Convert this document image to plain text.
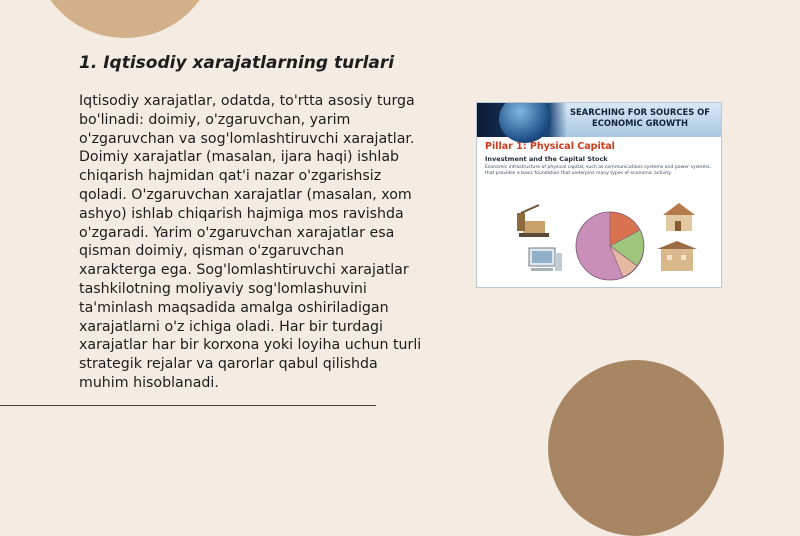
1. Iqtisodiy xarajatlarning turlari

Iqtisodiy xarajatlar, odatda, to'rtta asosiy turga bo'linadi: doimiy, o'zgaruvchan, yarim o'zgaruvchan va sog'lomlashtiruvchi xarajatlar. Doimiy xarajatlar (masalan, ijara haqi) ishlab chiqarish hajmidan qat'i nazar o'zgarishsiz qoladi. O'zgaruvchan xarajatlar (masalan, xom ashyo) ishlab chiqarish hajmiga mos ravishda o'zgaradi. Yarim o'zgaruvchan xarajatlar esa qisman doimiy, qisman o'zgaruvchan xarakterga ega. Sog'lomlashtiruvchi xarajatlar tashkilotning moliyaviy sog'lomlashuvini ta'minlash maqsadida amalga oshiriladigan xarajatlarni o'z ichiga oladi. Har bir turdagi xarajatlar har bir korxona yoki loyiha uchun turli strategik rejalar va qarorlar qabul qilishda muhim hisoblanadi.

SEARCHING FOR SOURCES OF
ECONOMIC GROWTH
Pillar 1: Physical Capital
Investment and the Capital Stock
Economic infrastructure of physical capital, such as communications systems and power systems, that provides a basic foundation that underpins many types of economic activity.
